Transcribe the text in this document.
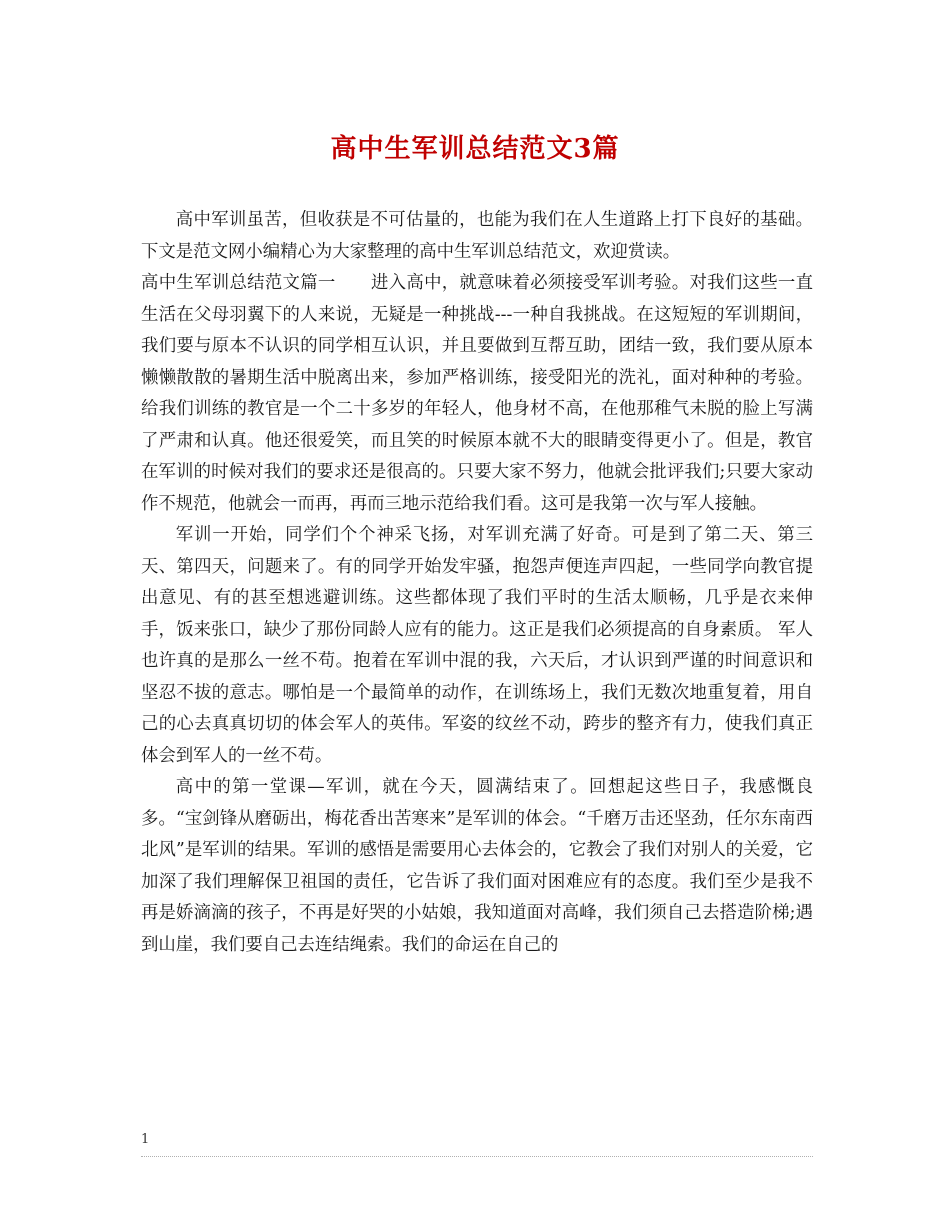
高中生军训总结范文3篇

高中军训虽苦，但收获是不可估量的，也能为我们在人生道路上打下良好的基础。下文是范文网小编精心为大家整理的高中生军训总结范文，欢迎赏读。

高中生军训总结范文篇一　　进入高中，就意味着必须接受军训考验。对我们这些一直生活在父母羽翼下的人来说，无疑是一种挑战---一种自我挑战。在这短短的军训期间，我们要与原本不认识的同学相互认识，并且要做到互帮互助，团结一致，我们要从原本懒懒散散的暑期生活中脱离出来，参加严格训练，接受阳光的洗礼，面对种种的考验。 给我们训练的教官是一个二十多岁的年轻人，他身材不高，在他那稚气未脱的脸上写满了严肃和认真。他还很爱笑，而且笑的时候原本就不大的眼睛变得更小了。但是，教官在军训的时候对我们的要求还是很高的。只要大家不努力，他就会批评我们;只要大家动作不规范，他就会一而再，再而三地示范给我们看。这可是我第一次与军人接触。

军训一开始，同学们个个神采飞扬，对军训充满了好奇。可是到了第二天、第三天、第四天，问题来了。有的同学开始发牢骚，抱怨声便连声四起，一些同学向教官提出意见、有的甚至想逃避训练。这些都体现了我们平时的生活太顺畅，几乎是衣来伸手，饭来张口，缺少了那份同龄人应有的能力。这正是我们必须提高的自身素质。 军人也许真的是那么一丝不苟。抱着在军训中混的我，六天后，才认识到严谨的时间意识和坚忍不拔的意志。哪怕是一个最简单的动作，在训练场上，我们无数次地重复着，用自己的心去真真切切的体会军人的英伟。军姿的纹丝不动，跨步的整齐有力，使我们真正体会到军人的一丝不苟。

高中的第一堂课—军训，就在今天，圆满结束了。回想起这些日子，我感慨良多。“宝剑锋从磨砺出，梅花香出苦寒来”是军训的体会。“千磨万击还坚劲，任尔东南西北风”是军训的结果。军训的感悟是需要用心去体会的，它教会了我们对别人的关爱，它加深了我们理解保卫祖国的责任，它告诉了我们面对困难应有的态度。我们至少是我不再是娇滴滴的孩子，不再是好哭的小姑娘，我知道面对高峰，我们须自己去搭造阶梯;遇到山崖，我们要自己去连结绳索。我们的命运在自己的

1
